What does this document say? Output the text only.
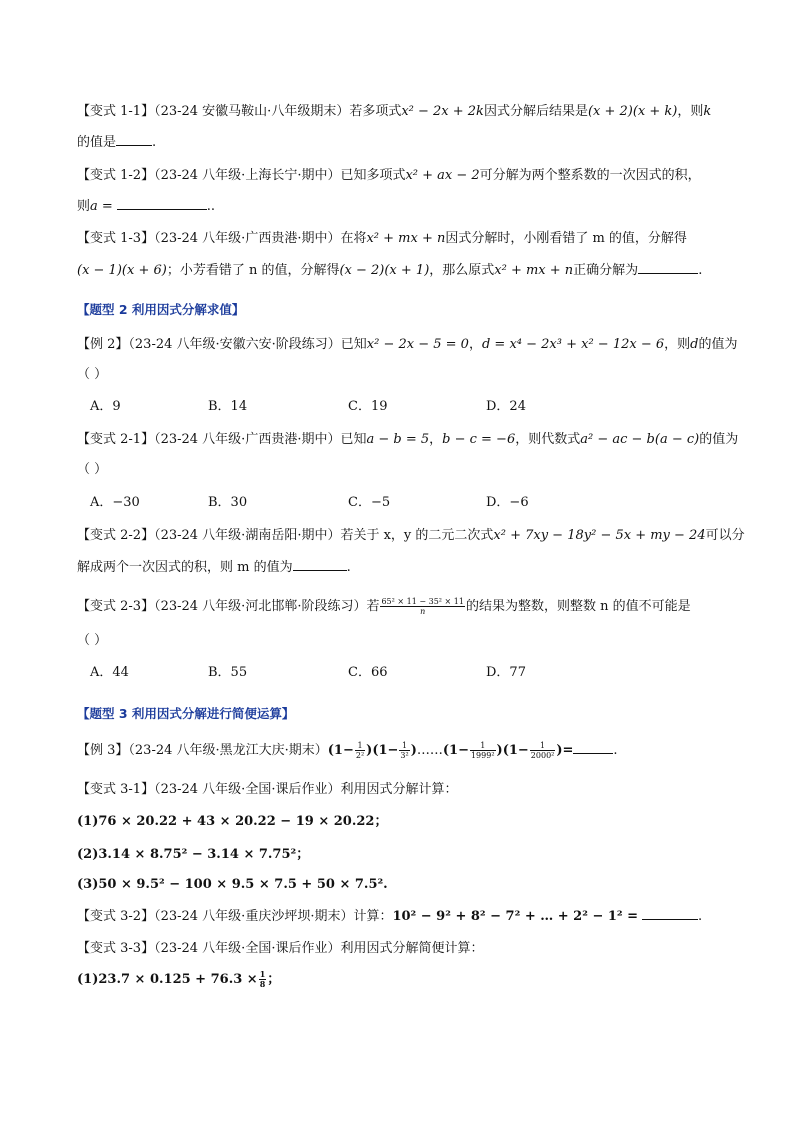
【变式 1-1】（23-24 安徽马鞍山·八年级期末）若多项式x² − 2x + 2k因式分解后结果是(x + 2)(x + k)，则k
的值是	.
【变式 1-2】（23-24 八年级·上海长宁·期中）已知多项式x² + ax − 2可分解为两个整系数的一次因式的积，
则a =	..
【变式 1-3】（23-24 八年级·广西贵港·期中）在将x² + mx + n因式分解时，小刚看错了 m 的值，分解得
(x − 1)(x + 6)；小芳看错了 n 的值，分解得(x − 2)(x + 1)，那么原式x² + mx + n正确分解为	.
【题型 2 利用因式分解求值】
【例 2】（23-24 八年级·安徽六安·阶段练习）已知x² − 2x − 5 = 0，d = x⁴ − 2x³ + x² − 12x − 6，则d的值为
（ ）
A．9	B．14	C．19	D．24
【变式 2-1】（23-24 八年级·广西贵港·期中）已知a − b = 5，b − c = −6，则代数式a² − ac − b(a − c)的值为
（ ）
A．−30	B．30	C．−5	D．−6
【变式 2-2】（23-24 八年级·湖南岳阳·期中）若关于 x，y 的二元二次式x² + 7xy − 18y² − 5x + my − 24可以分
解成两个一次因式的积，则 m 的值为	.
【变式 2-3】（23-24 八年级·河北邯郸·阶段练习）若 $\frac{\text{65² × 11 − 35² × 11}}{n}$ 的结果为整数，则整数 n 的值不可能是
（ ）
A．44	B．55	C．66	D．77
【题型 3 利用因式分解进行简便运算】
【例 3】（23-24 八年级·黑龙江大庆·期末）$(1- \frac{1}{\text{2²}} )(1- \frac{1}{\text{3²}}$ )……(1− $\frac{1}{\text{1999²}} )(1- \frac{1}{\text{2000²}}$ )=	.
【变式 3-1】（23-24 八年级·全国·课后作业）利用因式分解计算：
(1)76 × 20.22 + 43 × 20.22 − 19 × 20.22；
(2)3.14 × 8.75² − 3.14 × 7.75²；
(3)50 × 9.5² − 100 × 9.5 × 7.5 + 50 × 7.5².
【变式 3-2】（23-24 八年级·重庆沙坪坝·期末）计算：10² − 9² + 8² − 7² + … + 2² − 1² =	.
【变式 3-3】（23-24 八年级·全国·课后作业）利用因式分解简便计算：
$(1)23.7 \times 0.125 + 76.3 \times \frac{1}{8}$ ；
